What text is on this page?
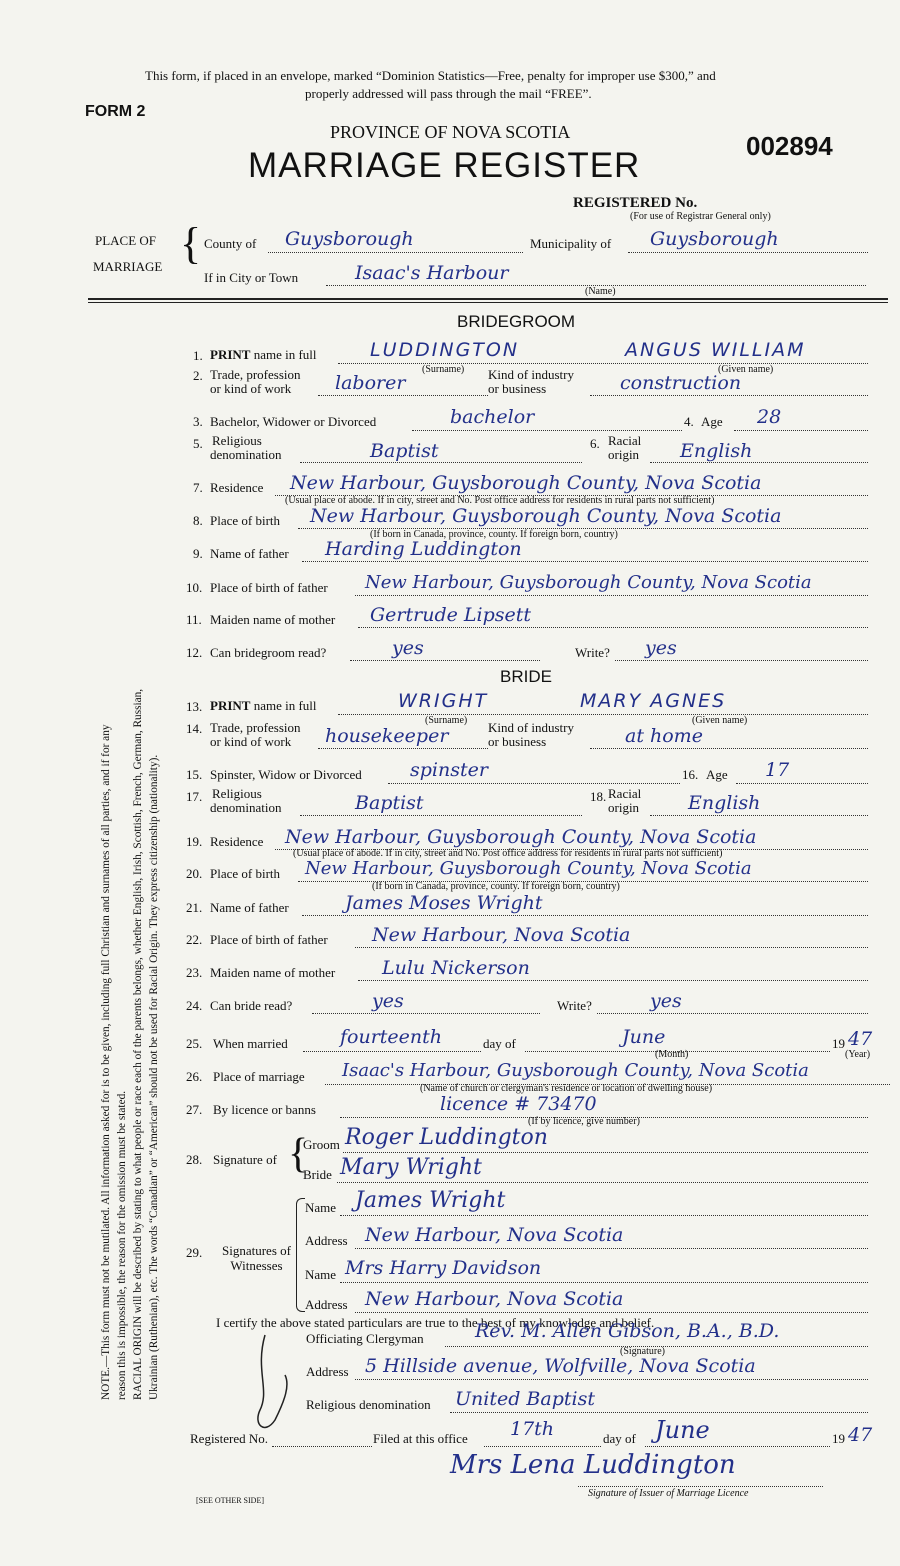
This form, if placed in an envelope, marked “Dominion Statistics—Free, penalty for improper use $300,” and
properly addressed will pass through the mail “FREE”.
FORM 2
PROVINCE OF NOVA SCOTIA
MARRIAGE REGISTER	002894
REGISTERED No.
(For use of Registrar General only)
PLACE OF
MARRIAGE { County of Guysborough	Municipality of Guysborough
If in City or Town	Isaac's Harbour
(Name)
BRIDEGROOM
1. PRINT name in full	LUDDINGTON	ANGUS WILLIAM
(Surname)	(Given name)
2. Trade, profession
or kind of work	laborer	Kind of industry
or business	construction
3. Bachelor, Widower or Divorced	bachelor	4. Age 28
5. Religious
denomination	Baptist	6. Racial
origin English
7. Residence New Harbour, Guysborough County, Nova Scotia
(Usual place of abode. If in city, street and No. Post office address for residents in rural parts not sufficient)
8. Place of birth New Harbour, Guysborough County, Nova Scotia
(If born in Canada, province, county. If foreign born, country)
9. Name of father Harding Luddington
10. Place of birth of father New Harbour, Guysborough County, Nova Scotia
11. Maiden name of mother Gertrude Lipsett
12. Can bridegroom read?	yes	Write? yes
BRIDE
13. PRINT name in full	WRIGHT	MARY AGNES
(Surname)	(Given name)
14. Trade, profession
or kind of work	housekeeper	Kind of industry
or business	at home
15. Spinster, Widow or Divorced	spinster	16. Age 17
17. Religious
denomination	Baptist	18. Racial
origin	English
19. Residence New Harbour, Guysborough County, Nova Scotia
(Usual place of abode. If in city, street and No. Post office address for residents in rural parts not sufficient)
20. Place of birth New Harbour, Guysborough County, Nova Scotia
(If born in Canada, province, county. If foreign born, country)
21. Name of father	James Moses Wright
22. Place of birth of father New Harbour, Nova Scotia
23. Maiden name of mother Lulu Nickerson
24. Can bride read?	yes	Write?	yes
25. When married	fourteenth	day of	June
(Month)
19 47
(Year)
26. Place of marriage Isaac's Harbour, Guysborough County, Nova Scotia
(Name of church or clergyman's residence or location of dwelling house)
27. By licence or banns	licence # 73470
(If by licence, give number)
28. Signature of {
Groom Roger Luddington
Bride Mary Wright
29. Signatures of
Witnesses
Name James Wright
Address New Harbour, Nova Scotia
Name Mrs Harry Davidson
Address New Harbour, Nova Scotia
I certify the above stated particulars are true to the best of my knowledge and belief.
Officiating Clergyman	Rev. M. Allen Gibson, B.A., B.D.
(Signature)
Address 5 Hillside avenue, Wolfville, Nova Scotia
Religious denomination United Baptist
Registered No.	Filed at this office 17th	day of June	19 47
Mrs Lena Luddington
Signature of Issuer of Marriage Licence
[SEE OTHER SIDE]
NOTE.—This form must not be mutilated. All information asked for is to be given, including full Christian and surnames of all parties, and if for any reason this is impossible, the reason for the omission must be stated. RACIAL ORIGIN will be described by stating to what people or race each of the parents belongs, whether English, Irish, Scottish, French, German, Russian, Ukrainian (Ruthenian), etc. The words “Canadian” or “American” should not be used for Racial Origin. They express citizenship (nationality).
